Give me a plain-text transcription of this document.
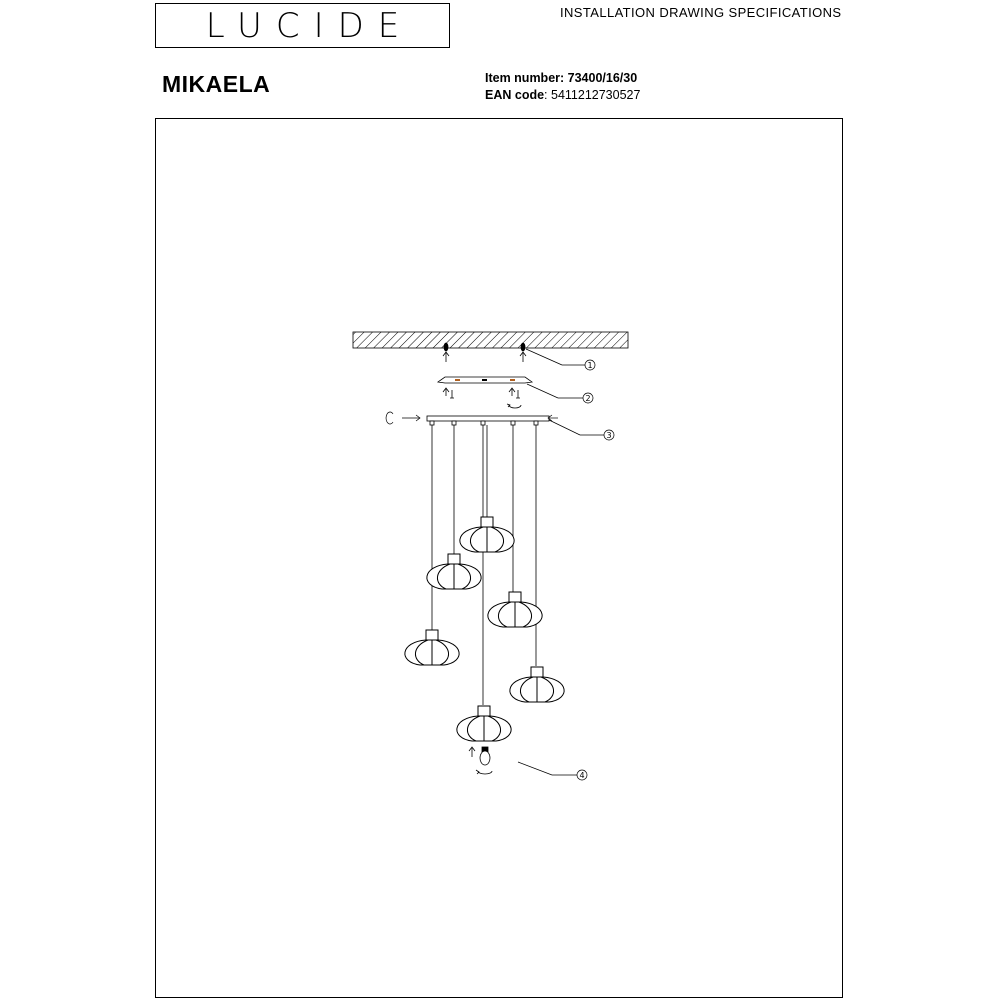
LUCIDE	INSTALLATION DRAWING SPECIFICATIONS
MIKAELA	Item number: 73400/16/30
EAN code: 5411212730527
1
2
3
4
